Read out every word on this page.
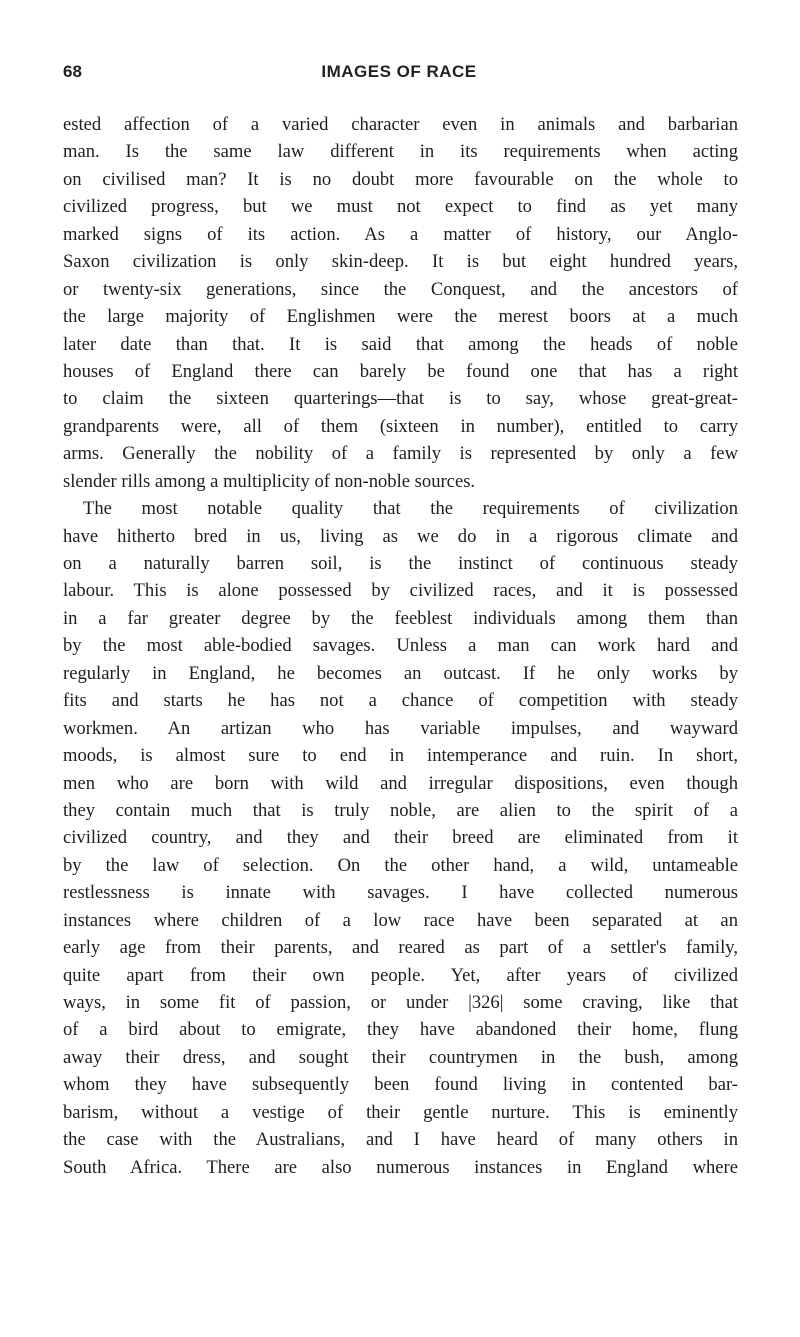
68	IMAGES OF RACE
ested affection of a varied character even in animals and barbarian
man. Is the same law different in its requirements when acting
on civilised man? It is no doubt more favourable on the whole to
civilized progress, but we must not expect to find as yet many
marked signs of its action. As a matter of history, our Anglo-
Saxon civilization is only skin-deep. It is but eight hundred years,
or twenty-six generations, since the Conquest, and the ancestors of
the large majority of Englishmen were the merest boors at a much
later date than that. It is said that among the heads of noble
houses of England there can barely be found one that has a right
to claim the sixteen quarterings—that is to say, whose great-great-
grandparents were, all of them (sixteen in number), entitled to carry
arms. Generally the nobility of a family is represented by only a few
slender rills among a multiplicity of non-noble sources.
The most notable quality that the requirements of civilization
have hitherto bred in us, living as we do in a rigorous climate and
on a naturally barren soil, is the instinct of continuous steady
labour. This is alone possessed by civilized races, and it is possessed
in a far greater degree by the feeblest individuals among them than
by the most able-bodied savages. Unless a man can work hard and
regularly in England, he becomes an outcast. If he only works by
fits and starts he has not a chance of competition with steady
workmen. An artizan who has variable impulses, and wayward
moods, is almost sure to end in intemperance and ruin. In short,
men who are born with wild and irregular dispositions, even though
they contain much that is truly noble, are alien to the spirit of a
civilized country, and they and their breed are eliminated from it
by the law of selection. On the other hand, a wild, untameable
restlessness is innate with savages. I have collected numerous
instances where children of a low race have been separated at an
early age from their parents, and reared as part of a settler's family,
quite apart from their own people. Yet, after years of civilized
ways, in some fit of passion, or under |326| some craving, like that
of a bird about to emigrate, they have abandoned their home, flung
away their dress, and sought their countrymen in the bush, among
whom they have subsequently been found living in contented bar-
barism, without a vestige of their gentle nurture. This is eminently
the case with the Australians, and I have heard of many others in
South Africa. There are also numerous instances in England where
